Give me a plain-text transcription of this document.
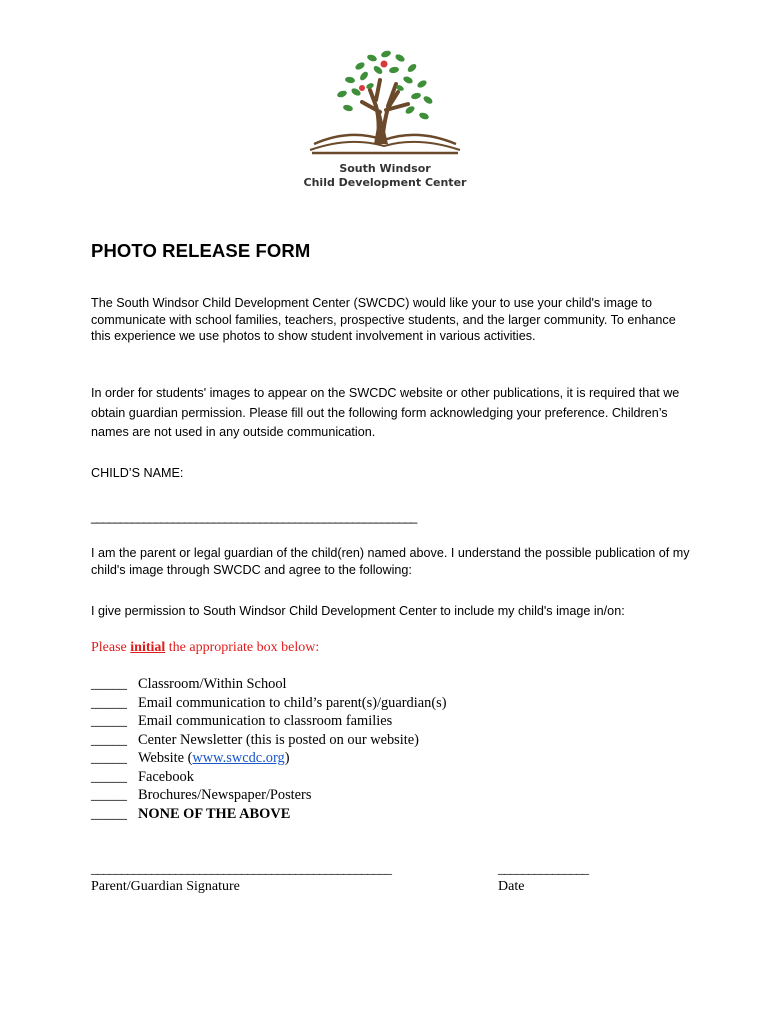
South Windsor
Child Development Center
PHOTO RELEASE FORM
The South Windsor Child Development Center (SWCDC) would like your to use your child's image to communicate with school families, teachers, prospective students, and the larger community. To enhance this experience we use photos to show student involvement in various activities.
In order for students' images to appear on the SWCDC website or other publications, it is required that we obtain guardian permission. Please fill out the following form acknowledging your preference. Children’s names are not used in any outside communication.
CHILD’S NAME:
________________________________________________________
I am the parent or legal guardian of the child(ren) named above. I understand the possible publication of my child's image through SWCDC and agree to the following:
I give permission to South Windsor Child Development Center to include my child's image in/on:
Please initial the appropriate box below:
_____ Classroom/Within School
_____ Email communication to child’s parent(s)/guardian(s)
_____ Email communication to classroom families
_____ Center Newsletter (this is posted on our website)
_____ Website (www.swcdc.org)
_____ Facebook
_____ Brochures/Newspaper/Posters
_____ NONE OF THE ABOVE
__________________________________________________
Parent/Guardian Signature
_______________
Date
